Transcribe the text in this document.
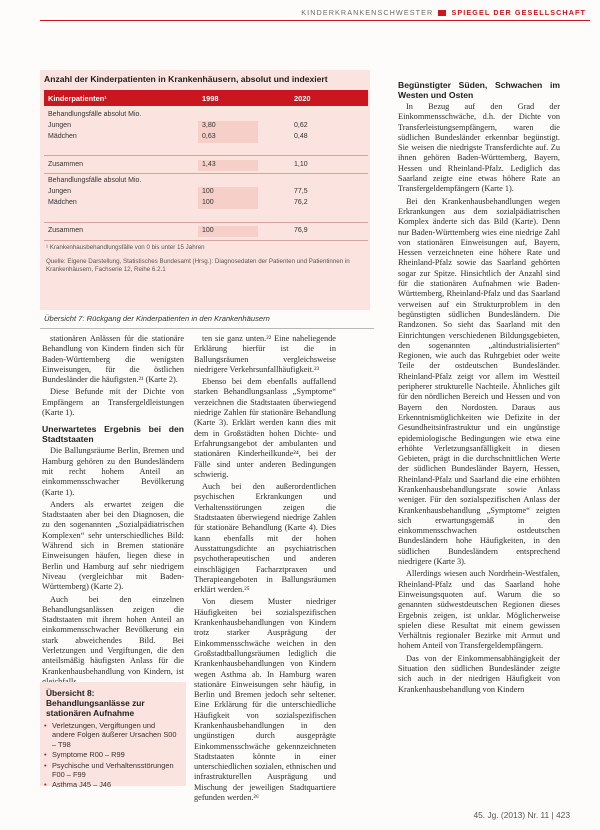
KINDERKRANKENSCHWESTER	SPIEGEL DER GESELLSCHAFT
Anzahl der Kinderpatienten in Krankenhäusern, absolut und indexiert
Kinderpatienten¹	1998	2020
Behandlungsfälle absolut Mio.
Jungen	3,80	0,62
Mädchen	0,63	0,48
Zusammen	1,43	1,10
Behandlungsfälle absolut Mio.
Jungen	100	77,5
Mädchen	100	76,2
Zusammen	100	76,9
¹ Krankenhausbehandlungsfälle von 0 bis unter 15 Jahren
Quelle: Eigene Darstellung, Statistisches Bundesamt (Hrsg.): Diagnosedaten der Patienten und Patientinnen in Krankenhäusern, Fachserie 12, Reihe 6.2.1
Übersicht 7: Rückgang der Kinderpatienten in den Krankenhäusern

stationären Anlässen für die stationäre Behandlung von Kindern finden sich für Baden-Württemberg die wenigsten Einweisungen, für die östlichen Bundesländer die häufigsten.²¹ (Karte 2).

Diese Befunde mit der Dichte von Empfängern an Transfergeldleistungen (Karte 1).

Unerwartetes Ergebnis bei den Stadtstaaten

Die Ballungsräume Berlin, Bremen und Hamburg gehören zu den Bundesländern mit recht hohem Anteil an einkommensschwacher Bevölkerung (Karte 1).

Anders als erwartet zeigen die Stadtstaaten aber bei den Diagnosen, die zu den sogenannten „Sozialpädiatrischen Komplexen“ sehr unterschiedliches Bild: Während sich in Bremen stationäre Einweisungen häufen, liegen diese in Berlin und Hamburg auf sehr niedrigem Niveau (vergleichbar mit Baden-Württemberg) (Karte 2).

Auch bei den einzelnen Behandlungsanlässen zeigen die Stadtstaaten mit ihrem hohen Anteil an einkommensschwacher Bevölkerung ein stark abweichendes Bild. Bei Verletzungen und Vergiftungen, die den anteilsmäßig häufigsten Anlass für die Krankenhausbehandlung von Kindern, ist

Übersicht 8: Behandlungsanlässe zur stationären Aufnahme
• Verletzungen, Vergiftungen und andere Folgen äußerer Ursachen S00 – T98
• Symptome R00 – R99
• Psychische und Verhaltensstörungen F00 – F99
• Asthma J45 – J46

ten sie ganz unten.²² Eine naheliegende Erklärung hierfür ist die in Ballungsräumen vergleichsweise niedrigere Verkehrsunfallhäufigkeit.²³

Ebenso bei dem ebenfalls auffallend starken Behandlungsanlass „Symptome“ verzeichnen die Stadtstaaten überwiegend niedrige Zahlen für stationäre Behandlung (Karte 3). Erklärt werden kann dies mit dem in Großstädten hohen Dichte- und Erfahrungsangebot der ambulanten und stationären Kinderheilkunde²⁴, bei der Fälle sind unter anderen Bedingungen schwierig.

Auch bei den außerordentlichen psychischen Erkrankungen und Verhaltensstörungen zeigen die Stadtstaaten überwiegend niedrige Zahlen für stationäre Behandlung (Karte 4). Dies kann ebenfalls mit der hohen Ausstattungsdichte an psychiatrischen psychotherapeutischen und anderen einschlägigen Facharztpraxen und Therapieangeboten in Ballungsräumen erklärt werden.²⁵

Von diesem Muster niedriger Häufigkeiten bei sozialspezifischen Krankenhausbehandlungen von Kindern trotz starker Ausprägung der Einkommensschwäche weichen in den Großstadtballungsräumen lediglich die Krankenhausbehandlungen von Kindern wegen Asthma ab. In Hamburg waren stationäre Einweisungen sehr häufig, in Berlin und Bremen jedoch sehr seltener. Eine Erklärung für die unterschiedliche Häufigkeit von sozialspezifischen Krankenhausbehandlungen in den ungünstigen durch ausgeprägte Einkommensschwäche gekennzeichneten Stadtstaaten könnte in einer unterschiedlichen sozialen, ethnischen und infrastrukturellen Ausprägung und Mischung der jeweiligen Stadtquartiere gefunden werden.²⁶

Begünstigter Süden, Schwachen im Westen und Osten

In Bezug auf den Grad der Einkommensschwäche, d.h. der Dichte von Transferleistungsempfängern, waren die südlichen Bundesländer erkennbar begünstigt. Sie weisen die niedrigste Transferdichte auf. Zu ihnen gehören Baden-Württemberg, Bayern, Hessen und Rheinland-Pfalz. Lediglich das Saarland zeigte eine etwas höhere Rate an Transfergeldempfängern (Karte 1).

Bei den Krankenhausbehandlungen wegen Erkrankungen aus dem sozialpädiatrischen Komplex änderte sich das Bild (Karte). Denn nur Baden-Württemberg wies eine niedrige Zahl von stationären Einweisungen auf, Bayern, Hessen verzeichneten eine höhere Rate und Rheinland-Pfalz sowie das Saarland gehörten sogar zur Spitze. Hinsichtlich der Anzahl sind für die stationären Aufnahmen wie Baden-Württemberg, Rheinland-Pfalz und das Saarland verweisen auf ein Strukturproblem in den begünstigten südlichen Bundesländern. Die Randzonen. So sieht das Saarland mit den Einrichtungen verschiedenen Bildungsgebieten, den sogenannten „altindustrialisierten“ Regionen, wie auch das Ruhrgebiet oder weite Teile der ostdeutschen Bundesländer. Rheinland-Pfalz zeigt vor allem im Westteil peripherer strukturelle Nachteile. Ähnliches gilt für den nördlichen Bereich und Hessen und von Bayern den Nordosten. Daraus aus Erkenntnismöglichkeiten wie Defizite in der Gesundheitsinfrastruktur und ein ungünstige epidemiologische Bedingungen wie etwa eine erhöhte Verletzungsanfälligkeit in diesen Gebieten, prägt in die durchschnittlichen Werte der südlichen Bundesländer Bayern, Hessen, Rheinland-Pfalz und Saarland die eine erhöhten Krankenhausbehandlungsrate sowie Anlass weniger. Für den sozialspezifischen Anlass der Krankenhausbehandlung „Symptome“ zeigten sich erwartungsgemäß in den einkommensschwachen ostdeutschen Bundesländern hohe Häufigkeiten, in den südlichen Bundesländern entsprechend niedrigere (Karte 3).

Allerdings wiesen auch Nordrhein-Westfalen, Rheinland-Pfalz und das Saarland hohe Einweisungsquoten auf. Warum die so genannten südwestdeutschen Regionen dieses Ergebnis zeigen, ist unklar. Möglicherweise spielen diese Resultat mit einem gewissen Verhältnis regionaler Bezirke mit Armut und hohem Anteil von Transfergeldempfängern.

Das von der Einkommensabhängigkeit der Situation den südlichen Bundesländer zeigte sich auch in der niedrigen Häufigkeit von Krankenhausbehandlung von Kindern

45. Jg. (2013) Nr. 11 | 423
